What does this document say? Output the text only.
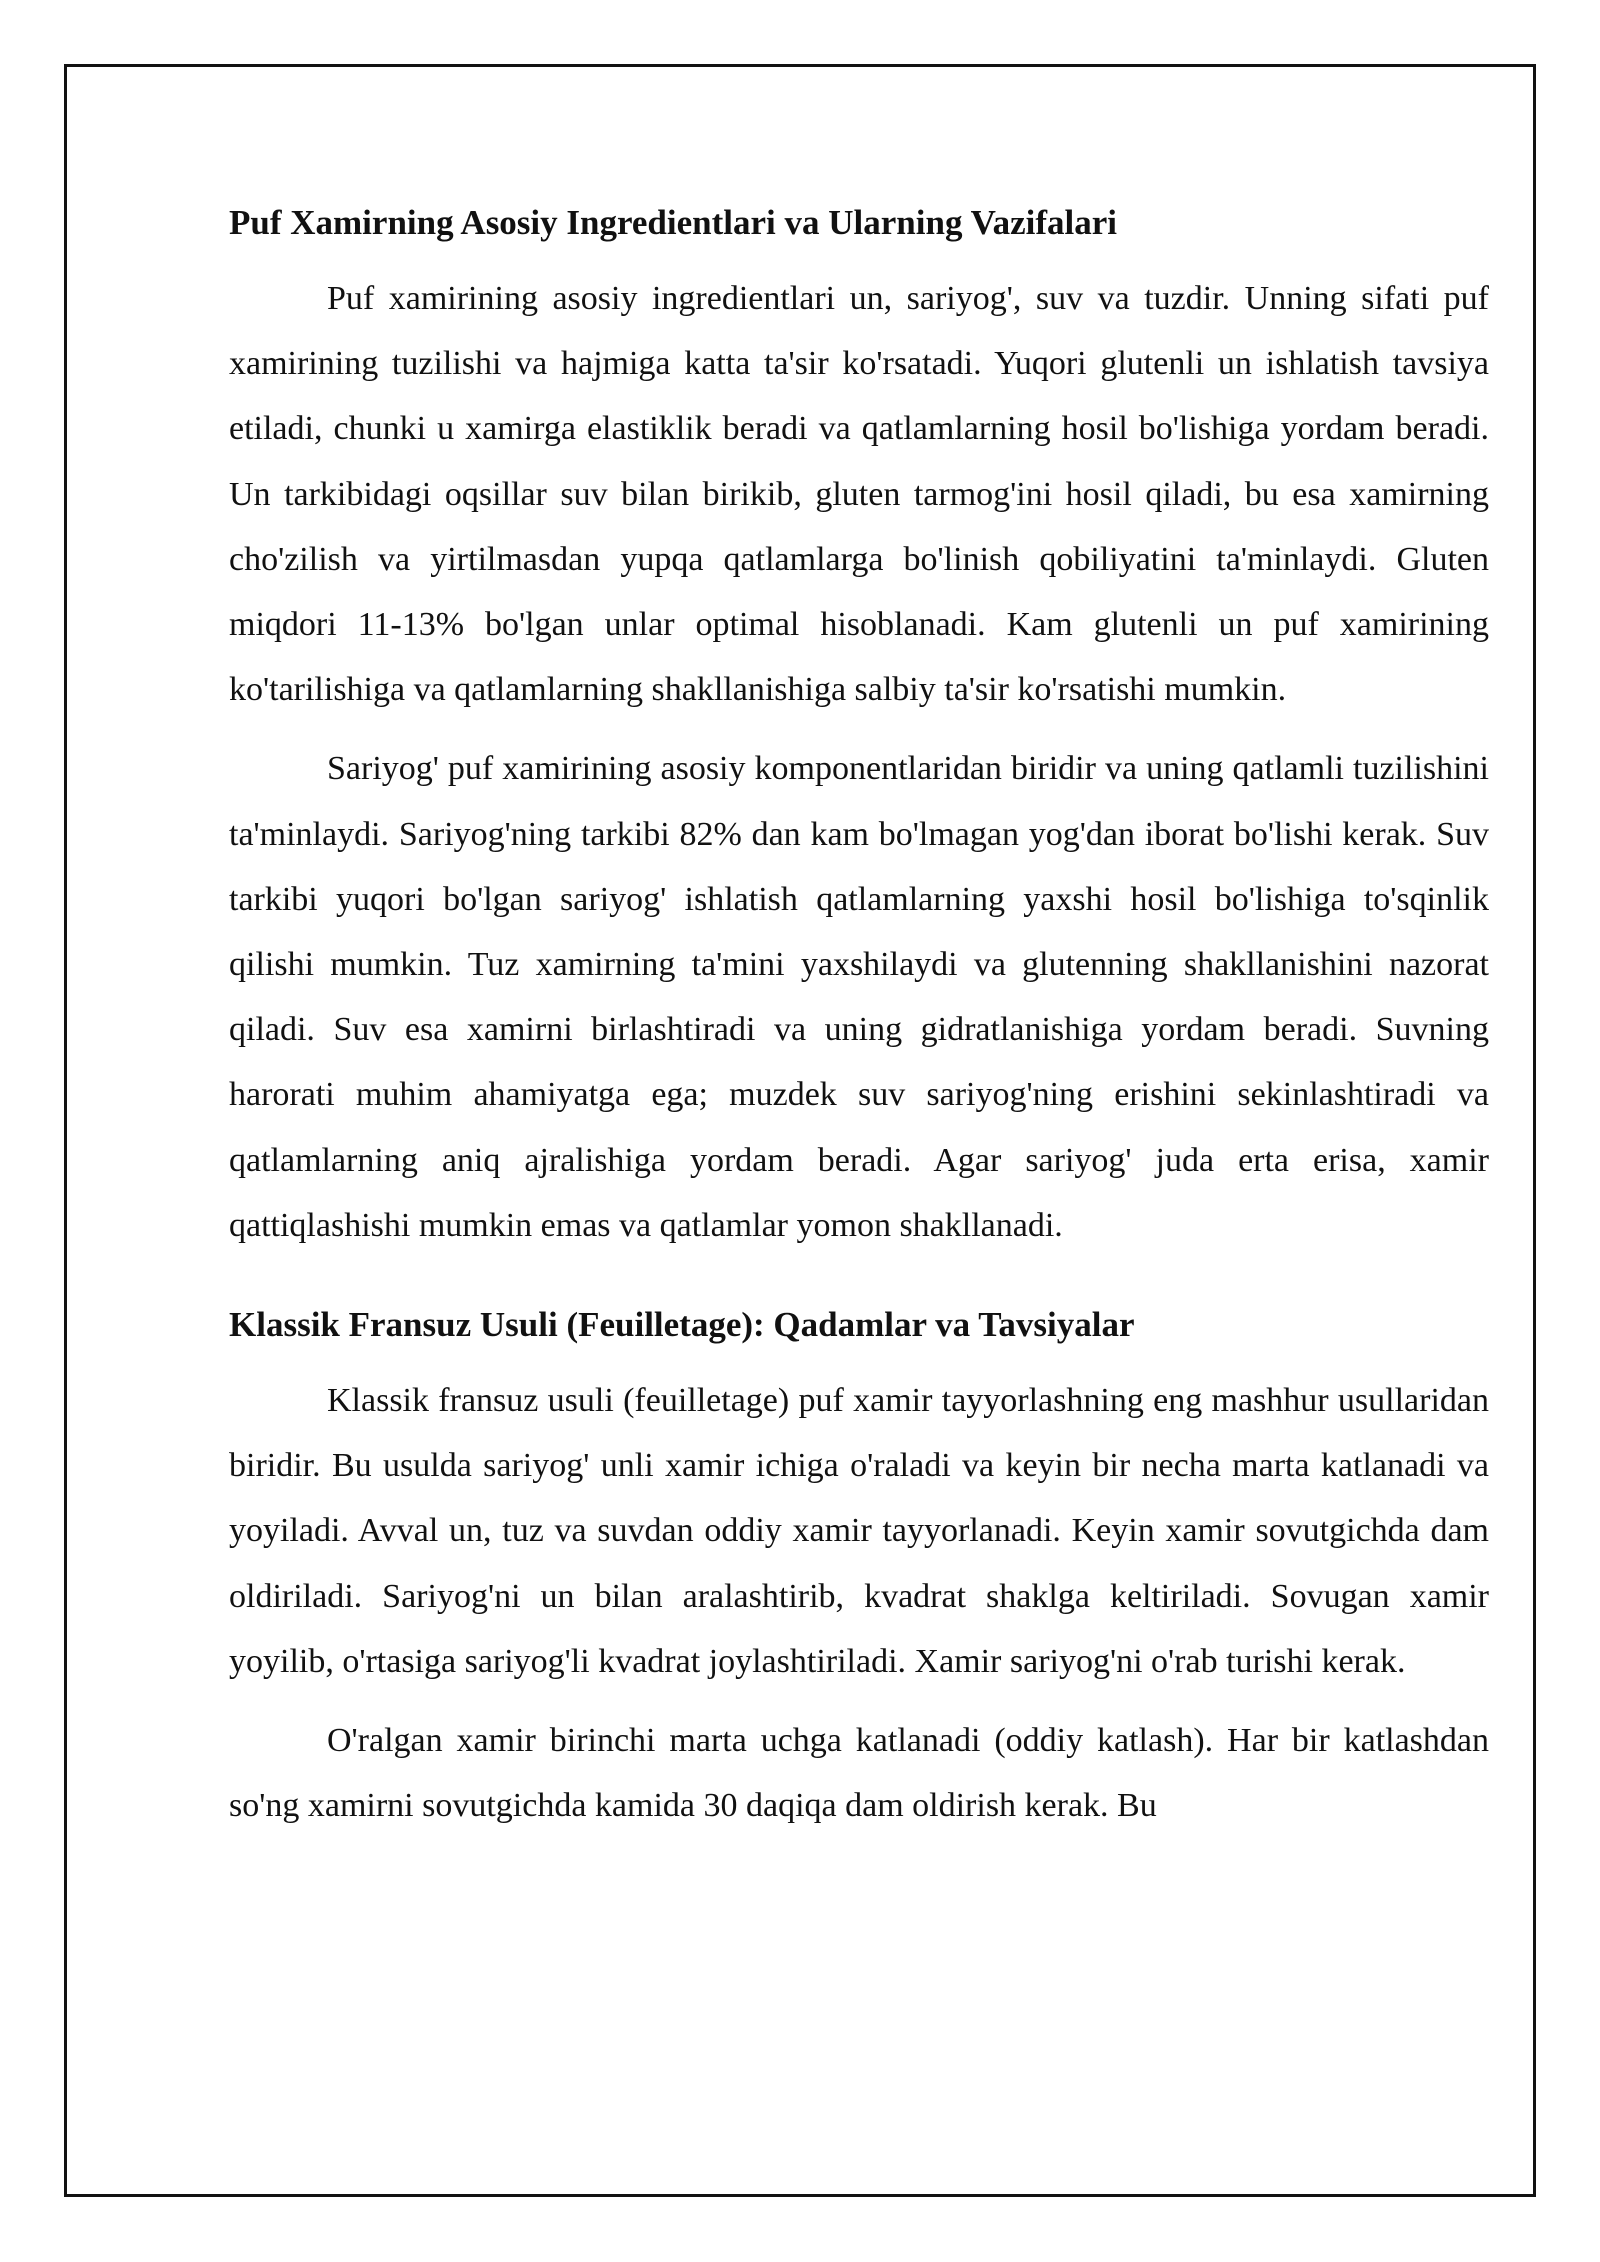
Puf Xamirning Asosiy Ingredientlari va Ularning Vazifalari

Puf xamirining asosiy ingredientlari un, sariyog', suv va tuzdir. Unning sifati puf xamirining tuzilishi va hajmiga katta ta'sir ko'rsatadi. Yuqori glutenli un ishlatish tavsiya etiladi, chunki u xamirga elastiklik beradi va qatlamlarning hosil bo'lishiga yordam beradi. Un tarkibidagi oqsillar suv bilan birikib, gluten tarmog'ini hosil qiladi, bu esa xamirning cho'zilish va yirtilmasdan yupqa qatlamlarga bo'linish qobiliyatini ta'minlaydi. Gluten miqdori 11-13% bo'lgan unlar optimal hisoblanadi. Kam glutenli un puf xamirining ko'tarilishiga va qatlamlarning shakllanishiga salbiy ta'sir ko'rsatishi mumkin.

Sariyog' puf xamirining asosiy komponentlaridan biridir va uning qatlamli tuzilishini ta'minlaydi. Sariyog'ning tarkibi 82% dan kam bo'lmagan yog'dan iborat bo'lishi kerak. Suv tarkibi yuqori bo'lgan sariyog' ishlatish qatlamlarning yaxshi hosil bo'lishiga to'sqinlik qilishi mumkin. Tuz xamirning ta'mini yaxshilaydi va glutenning shakllanishini nazorat qiladi. Suv esa xamirni birlashtiradi va uning gidratlanishiga yordam beradi. Suvning harorati muhim ahamiyatga ega; muzdek suv sariyog'ning erishini sekinlashtiradi va qatlamlarning aniq ajralishiga yordam beradi. Agar sariyog' juda erta erisa, xamir qattiqlashishi mumkin emas va qatlamlar yomon shakllanadi.

Klassik Fransuz Usuli (Feuilletage): Qadamlar va Tavsiyalar

Klassik fransuz usuli (feuilletage) puf xamir tayyorlashning eng mashhur usullaridan biridir. Bu usulda sariyog' unli xamir ichiga o'raladi va keyin bir necha marta katlanadi va yoyiladi. Avval un, tuz va suvdan oddiy xamir tayyorlanadi. Keyin xamir sovutgichda dam oldiriladi. Sariyog'ni un bilan aralashtirib, kvadrat shaklga keltiriladi. Sovugan xamir yoyilib, o'rtasiga sariyog'li kvadrat joylashtiriladi. Xamir sariyog'ni o'rab turishi kerak.

O'ralgan xamir birinchi marta uchga katlanadi (oddiy katlash). Har bir katlashdan so'ng xamirni sovutgichda kamida 30 daqiqa dam oldirish kerak. Bu
